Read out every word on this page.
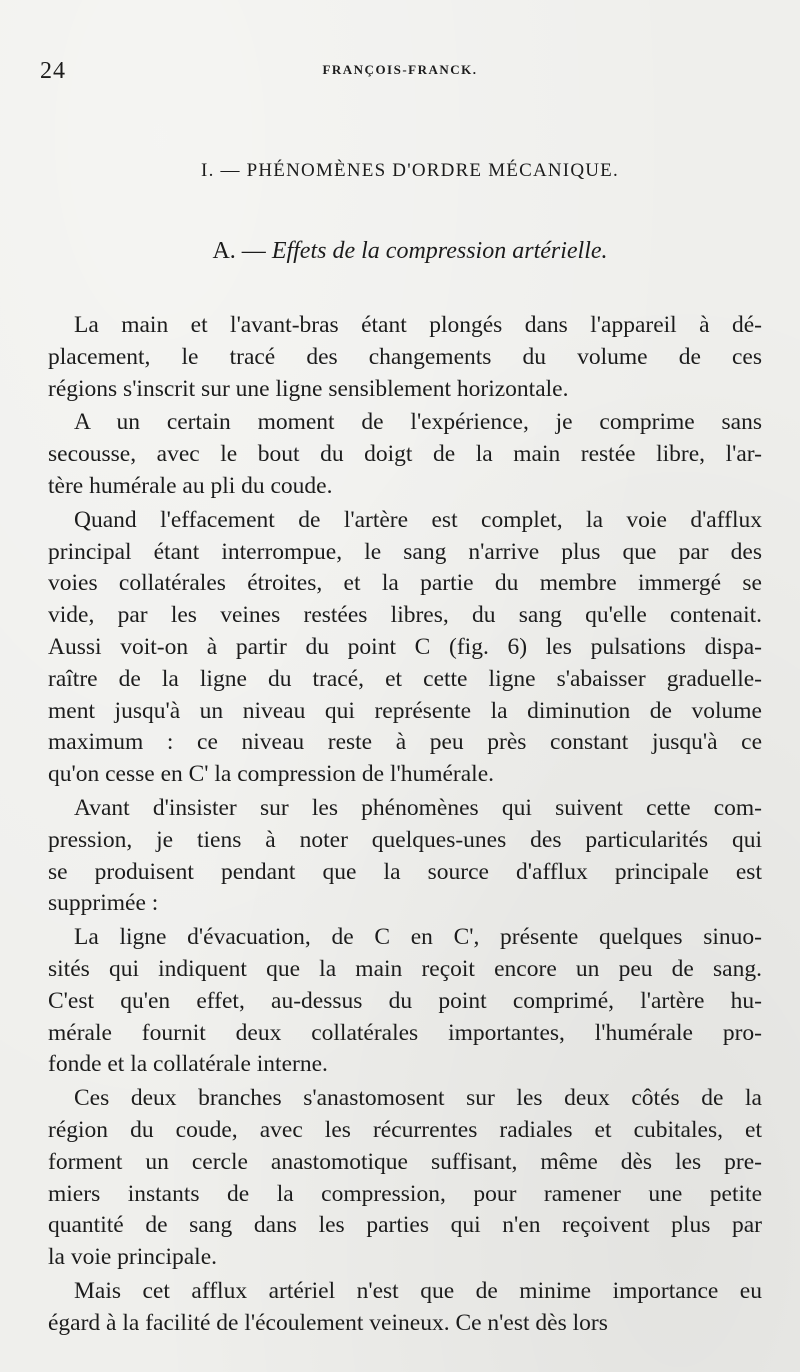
24	FRANÇOIS-FRANCK.
I. — PHÉNOMÈNES D'ORDRE MÉCANIQUE.
A. — Effets de la compression artérielle.
La main et l'avant-bras étant plongés dans l'appareil à dé-
placement, le tracé des changements du volume de ces
régions s'inscrit sur une ligne sensiblement horizontale.
A un certain moment de l'expérience, je comprime sans
secousse, avec le bout du doigt de la main restée libre, l'ar-
tère humérale au pli du coude.
Quand l'effacement de l'artère est complet, la voie d'afflux
principal étant interrompue, le sang n'arrive plus que par des
voies collatérales étroites, et la partie du membre immergé se
vide, par les veines restées libres, du sang qu'elle contenait.
Aussi voit-on à partir du point C (fig. 6) les pulsations dispa-
raître de la ligne du tracé, et cette ligne s'abaisser graduelle-
ment jusqu'à un niveau qui représente la diminution de volume
maximum : ce niveau reste à peu près constant jusqu'à ce
qu'on cesse en C' la compression de l'humérale.
Avant d'insister sur les phénomènes qui suivent cette com-
pression, je tiens à noter quelques-unes des particularités qui
se produisent pendant que la source d'afflux principale est
supprimée :
La ligne d'évacuation, de C en C', présente quelques sinuo-
sités qui indiquent que la main reçoit encore un peu de sang.
C'est qu'en effet, au-dessus du point comprimé, l'artère hu-
mérale fournit deux collatérales importantes, l'humérale pro-
fonde et la collatérale interne.
Ces deux branches s'anastomosent sur les deux côtés de la
région du coude, avec les récurrentes radiales et cubitales, et
forment un cercle anastomotique suffisant, même dès les pre-
miers instants de la compression, pour ramener une petite
quantité de sang dans les parties qui n'en reçoivent plus par
la voie principale.
Mais cet afflux artériel n'est que de minime importance eu
égard à la facilité de l'écoulement veineux. Ce n'est dès lors
